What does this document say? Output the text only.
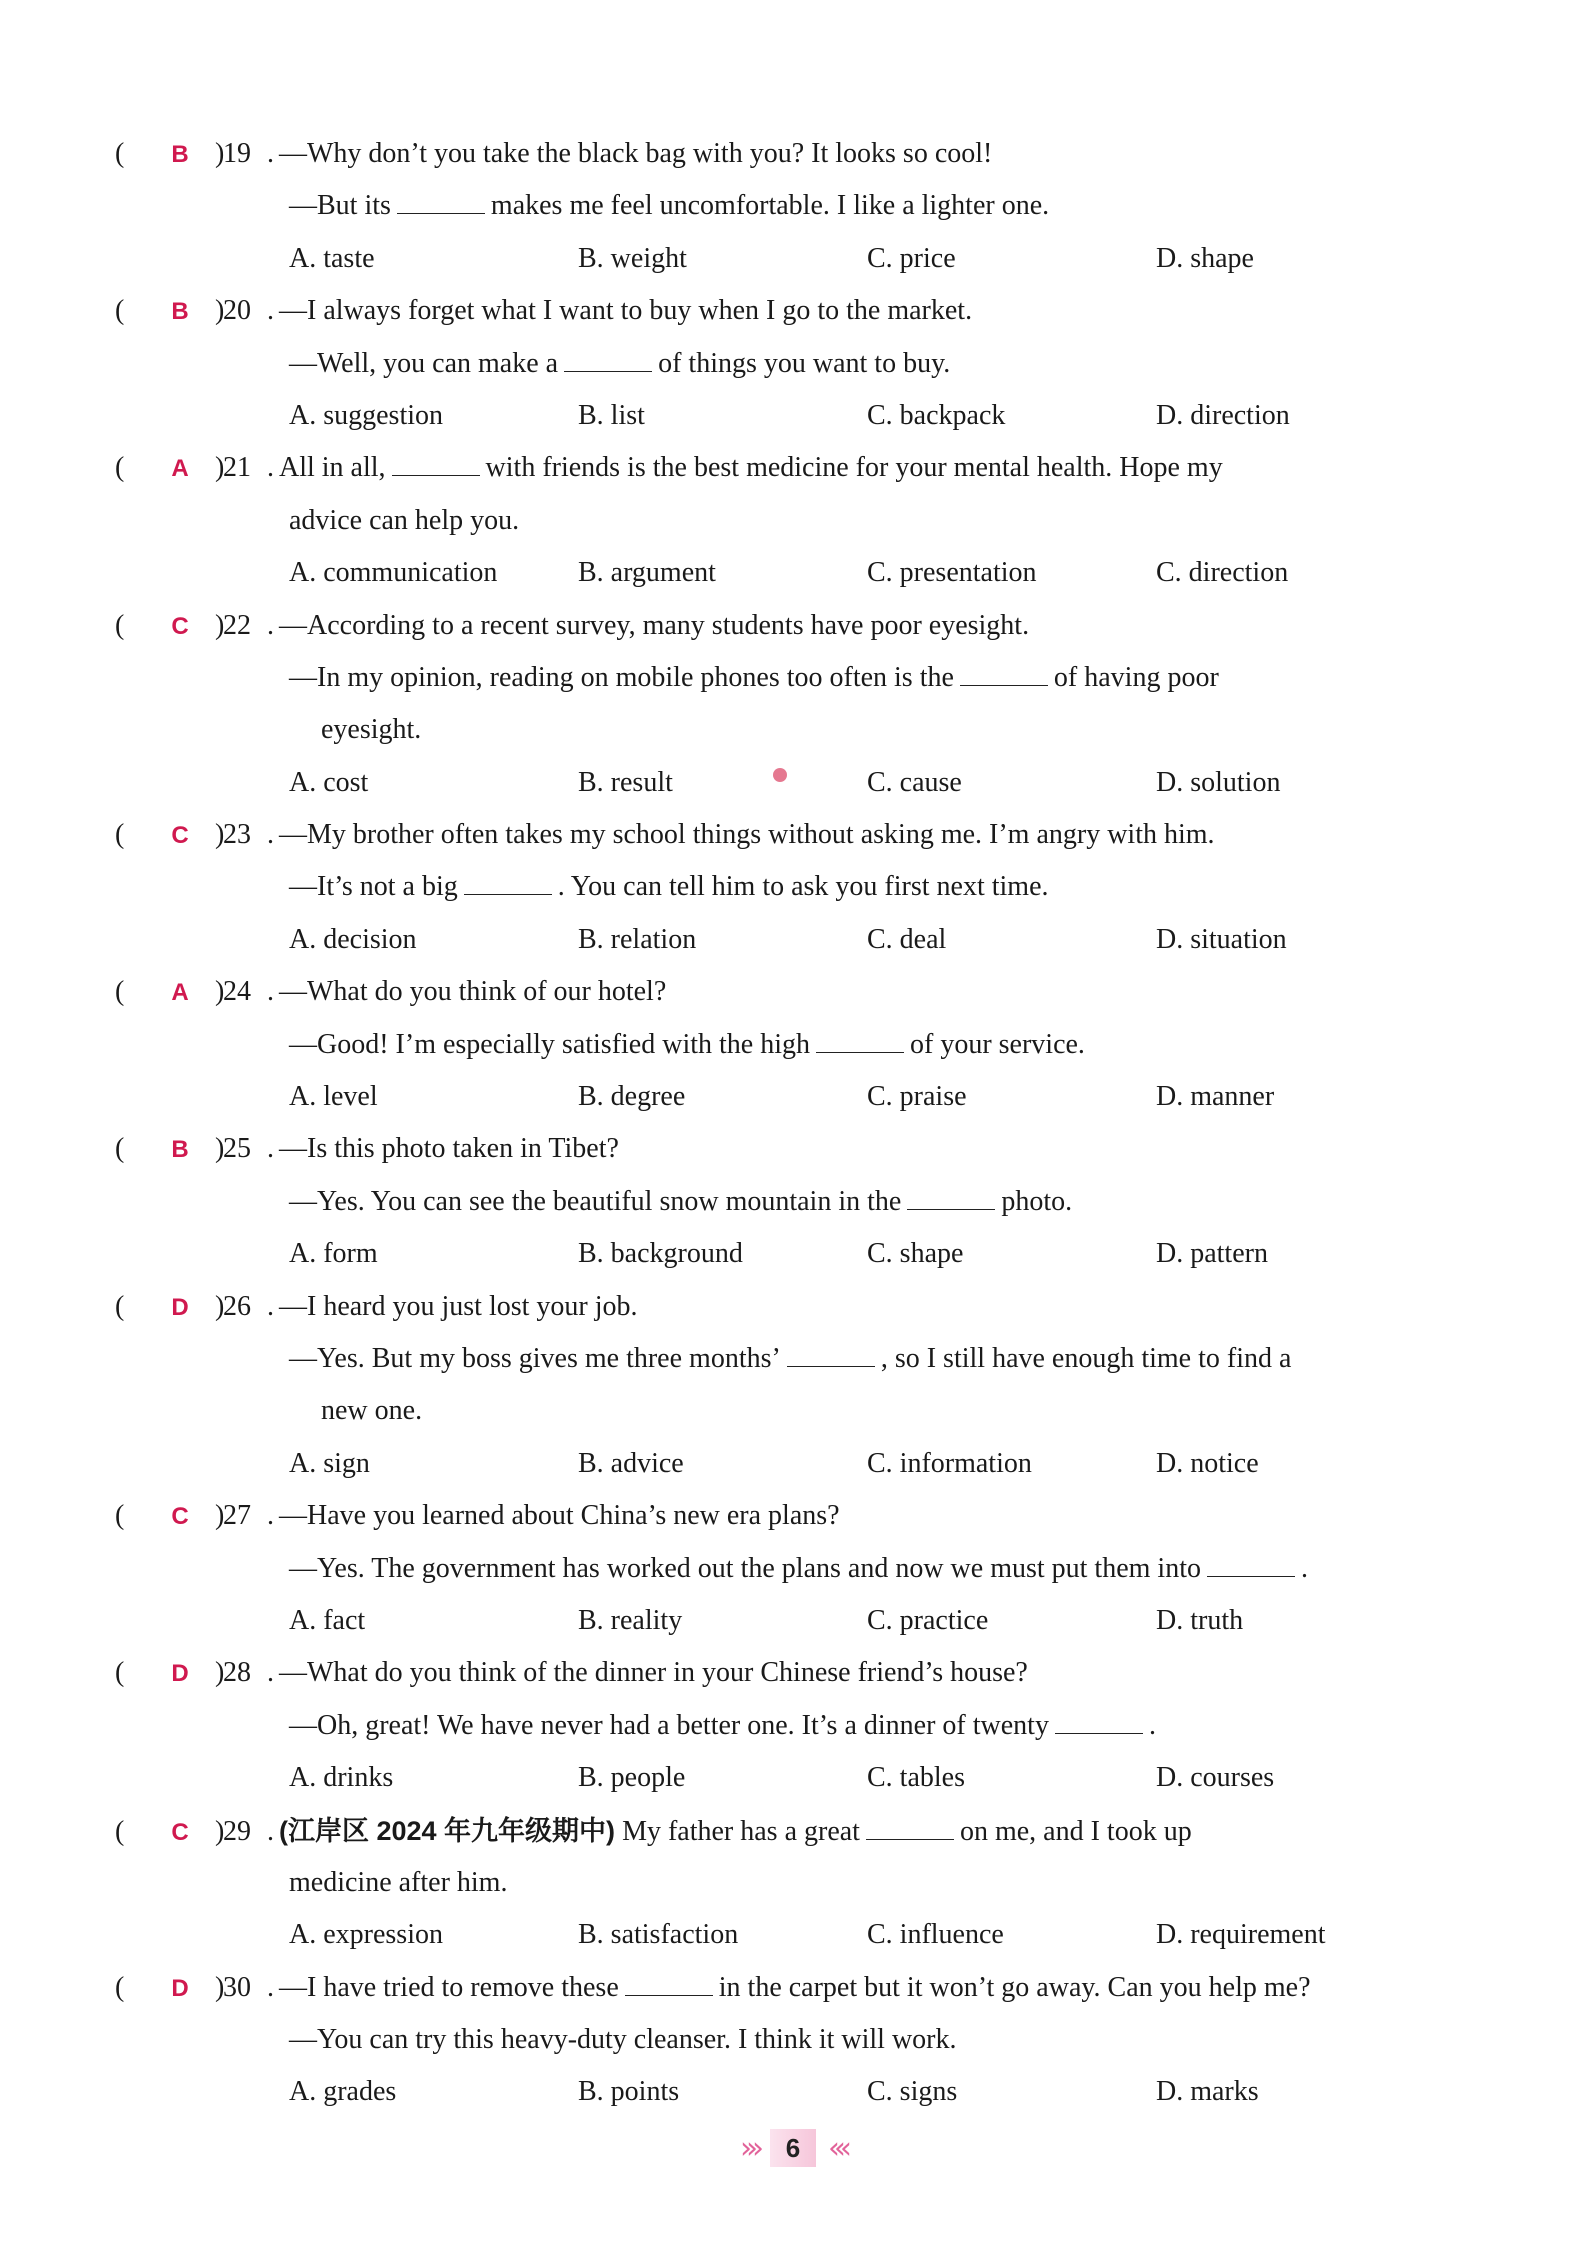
(	B )
19 . —Why don’t you take the black bag with you? It looks so cool!
—But its	makes me feel uncomfortable. I like a lighter one.
A. taste	B. weight	C. price	D. shape
(	B )
20 . —I always forget what I want to buy when I go to the market.
—Well, you can make a	of things you want to buy.
A. suggestion	B. list	C. backpack	D. direction
(	A )
21 . All in all,	with friends is the best medicine for your mental health. Hope my
advice can help you.
A. communication	B. argument	C. presentation	C. direction
(	C )
22 . —According to a recent survey, many students have poor eyesight.
—In my opinion, reading on mobile phones too often is the	of having poor
eyesight.
A. cost	B. result	C. cause	D. solution
(	C )
23 . —My brother often takes my school things without asking me. I’m angry with him.
—It’s not a big	. You can tell him to ask you first next time.
A. decision	B. relation	C. deal	D. situation
(	A )
24 . —What do you think of our hotel?
—Good! I’m especially satisfied with the high	of your service.
A. level	B. degree	C. praise	D. manner
(	B )
25 . —Is this photo taken in Tibet?
—Yes. You can see the beautiful snow mountain in the	photo.
A. form	B. background	C. shape	D. pattern
(	D )
26 . —I heard you just lost your job.
—Yes. But my boss gives me three months’	, so I still have enough time to find a
new one.
A. sign	B. advice	C. information	D. notice
(	C )
27 . —Have you learned about China’s new era plans?
—Yes. The government has worked out the plans and now we must put them into	.
A. fact	B. reality	C. practice	D. truth
(	D )
28 . —What do you think of the dinner in your Chinese friend’s house?
—Oh, great! We have never had a better one. It’s a dinner of twenty	.
A. drinks	B. people	C. tables	D. courses
(	C )
29 . (江岸区 2024 年九年级期中) My father has a great	on me, and I took up
medicine after him.
A. expression	B. satisfaction	C. influence	D. requirement
(	D )
30 . —I have tried to remove these	in the carpet but it won’t go away. Can you help me?
—You can try this heavy-duty cleanser. I think it will work.
A. grades	B. points	C. signs	D. marks
››› 6 ‹‹‹
